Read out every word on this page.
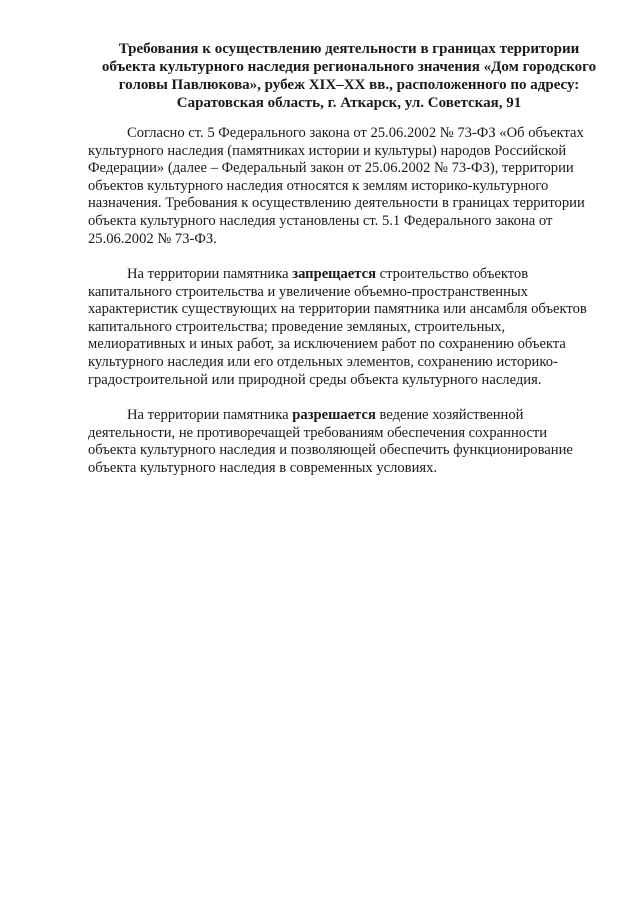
Требования к осуществлению деятельности в границах территории
объекта культурного наследия регионального значения «Дом городского
головы Павлюкова», рубеж XIX–XX вв., расположенного по адресу:
Саратовская область, г. Аткарск, ул. Советская, 91

Согласно ст. 5 Федерального закона от 25.06.2002 № 73-ФЗ «Об объектах
культурного наследия (памятниках истории и культуры) народов Российской
Федерации» (далее – Федеральный закон от 25.06.2002 № 73-ФЗ), территории
объектов культурного наследия относятся к землям историко-культурного
назначения. Требования к осуществлению деятельности в границах территории
объекта культурного наследия установлены ст. 5.1 Федерального закона от
25.06.2002 № 73-ФЗ.

На территории памятника запрещается строительство объектов
капитального строительства и увеличение объемно-пространственных
характеристик существующих на территории памятника или ансамбля объектов
капитального строительства; проведение земляных, строительных,
мелиоративных и иных работ, за исключением работ по сохранению объекта
культурного наследия или его отдельных элементов, сохранению историко-
градостроительной или природной среды объекта культурного наследия.

На территории памятника разрешается ведение хозяйственной
деятельности, не противоречащей требованиям обеспечения сохранности
объекта культурного наследия и позволяющей обеспечить функционирование
объекта культурного наследия в современных условиях.
